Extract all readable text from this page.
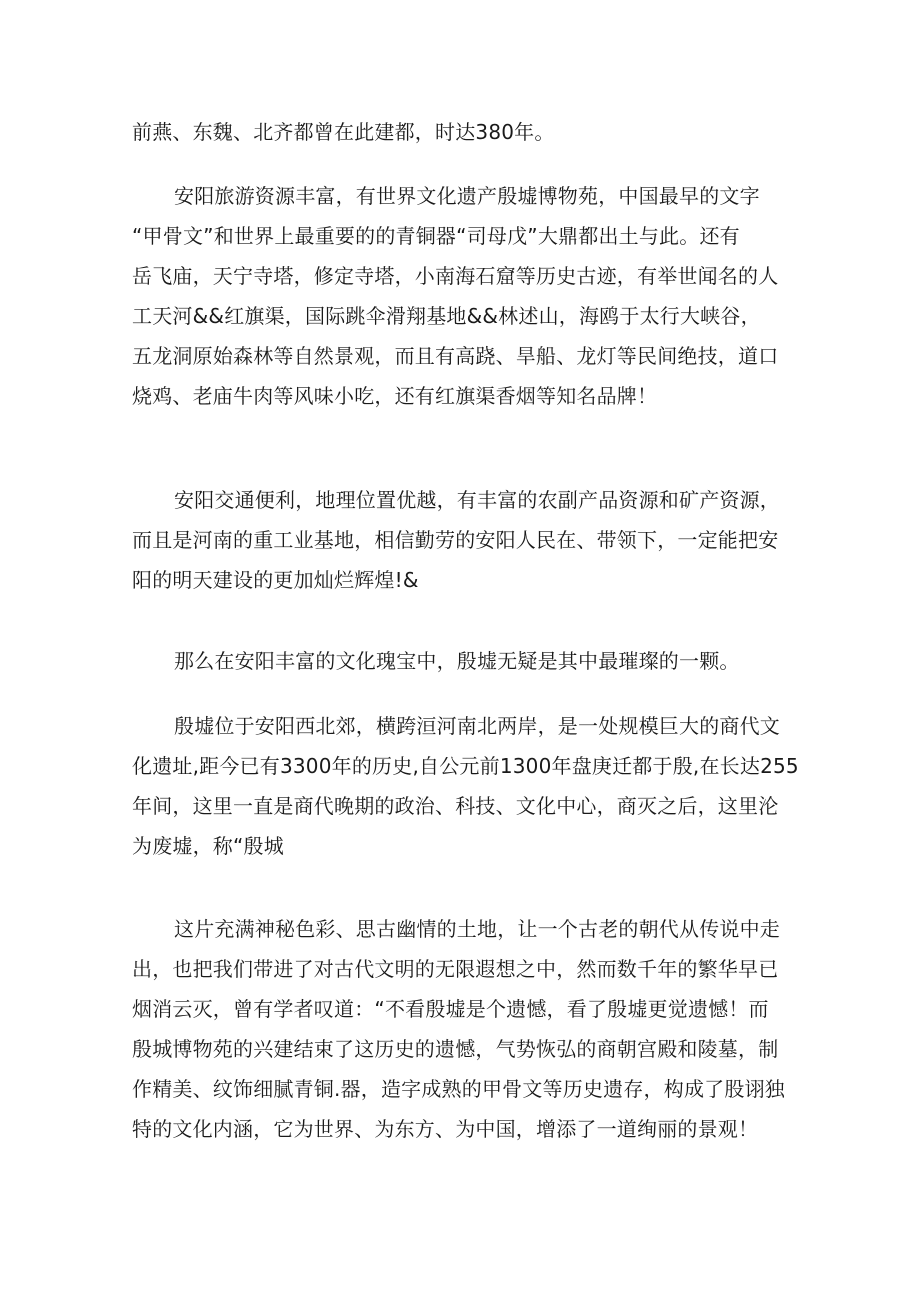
前燕、东魏、北齐都曾在此建都，时达380年。
安阳旅游资源丰富，有世界文化遗产殷墟博物苑，中国最早的文字
“甲骨文”和世界上最重要的的青铜器“司母戊”大鼎都出土与此。还有
岳飞庙，天宁寺塔，修定寺塔，小南海石窟等历史古迹，有举世闻名的人
工天河&&红旗渠，国际跳伞滑翔基地&&林述山，海鸥于太行大峡谷，
五龙洞原始森林等自然景观，而且有高跷、旱船、龙灯等民间绝技，道口
烧鸡、老庙牛肉等风味小吃，还有红旗渠香烟等知名品牌！
安阳交通便利，地理位置优越，有丰富的农副产品资源和矿产资源，
而且是河南的重工业基地，相信勤劳的安阳人民在、带领下，一定能把安
阳的明天建设的更加灿烂辉煌!&
那么在安阳丰富的文化瑰宝中，殷墟无疑是其中最璀璨的一颗。
殷墟位于安阳西北郊，横跨洹河南北两岸，是一处规模巨大的商代文
化遗址,距今已有3300年的历史,自公元前1300年盘庚迁都于殷,在长达255
年间，这里一直是商代晚期的政治、科技、文化中心，商灭之后，这里沦
为废墟，称“殷城
这片充满神秘色彩、思古幽情的土地，让一个古老的朝代从传说中走
出，也把我们带进了对古代文明的无限遐想之中，然而数千年的繁华早已
烟消云灭，曾有学者叹道：“不看殷墟是个遗憾，看了殷墟更觉遗憾！而
殷城博物苑的兴建结束了这历史的遗憾，气势恢弘的商朝宫殿和陵墓，制
作精美、纹饰细腻青铜.器，造字成熟的甲骨文等历史遗存，构成了股诩独
特的文化内涵，它为世界、为东方、为中国，增添了一道绚丽的景观！
